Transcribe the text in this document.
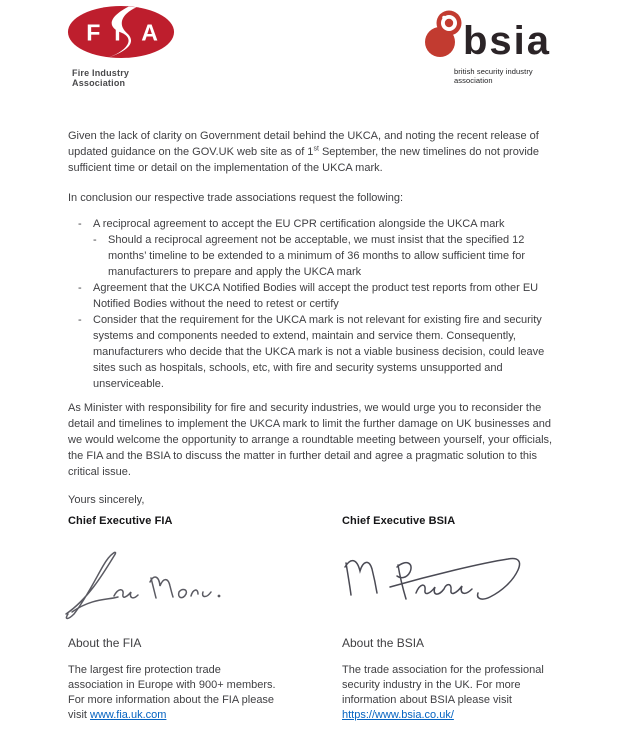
F I A
Fire Industry Association
bsia
british security industry association

Given the lack of clarity on Government detail behind the UKCA, and noting the recent release of updated guidance on the GOV.UK web site as of 1st September, the new timelines do not provide sufficient time or detail on the implementation of the UKCA mark.

In conclusion our respective trade associations request the following:

- A reciprocal agreement to accept the EU CPR certification alongside the UKCA mark
- Should a reciprocal agreement not be acceptable, we must insist that the specified 12 months’ timeline to be extended to a minimum of 36 months to allow sufficient time for manufacturers to prepare and apply the UKCA mark
- Agreement that the UKCA Notified Bodies will accept the product test reports from other EU Notified Bodies without the need to retest or certify
- Consider that the requirement for the UKCA mark is not relevant for existing fire and security systems and components needed to extend, maintain and service them. Consequently, manufacturers who decide that the UKCA mark is not a viable business decision, could leave sites such as hospitals, schools, etc, with fire and security systems unsupported and unserviceable.

As Minister with responsibility for fire and security industries, we would urge you to reconsider the detail and timelines to implement the UKCA mark to limit the further damage on UK businesses and we would welcome the opportunity to arrange a roundtable meeting between yourself, your officials, the FIA and the BSIA to discuss the matter in further detail and agree a pragmatic solution to this critical issue.

Yours sincerely,

Chief Executive FIA	Chief Executive BSIA

About the FIA

The largest fire protection trade association in Europe with 900+ members. For more information about the FIA please visit www.fia.uk.com

About the BSIA

The trade association for the professional security industry in the UK. For more information about BSIA please visit https://www.bsia.co.uk/
